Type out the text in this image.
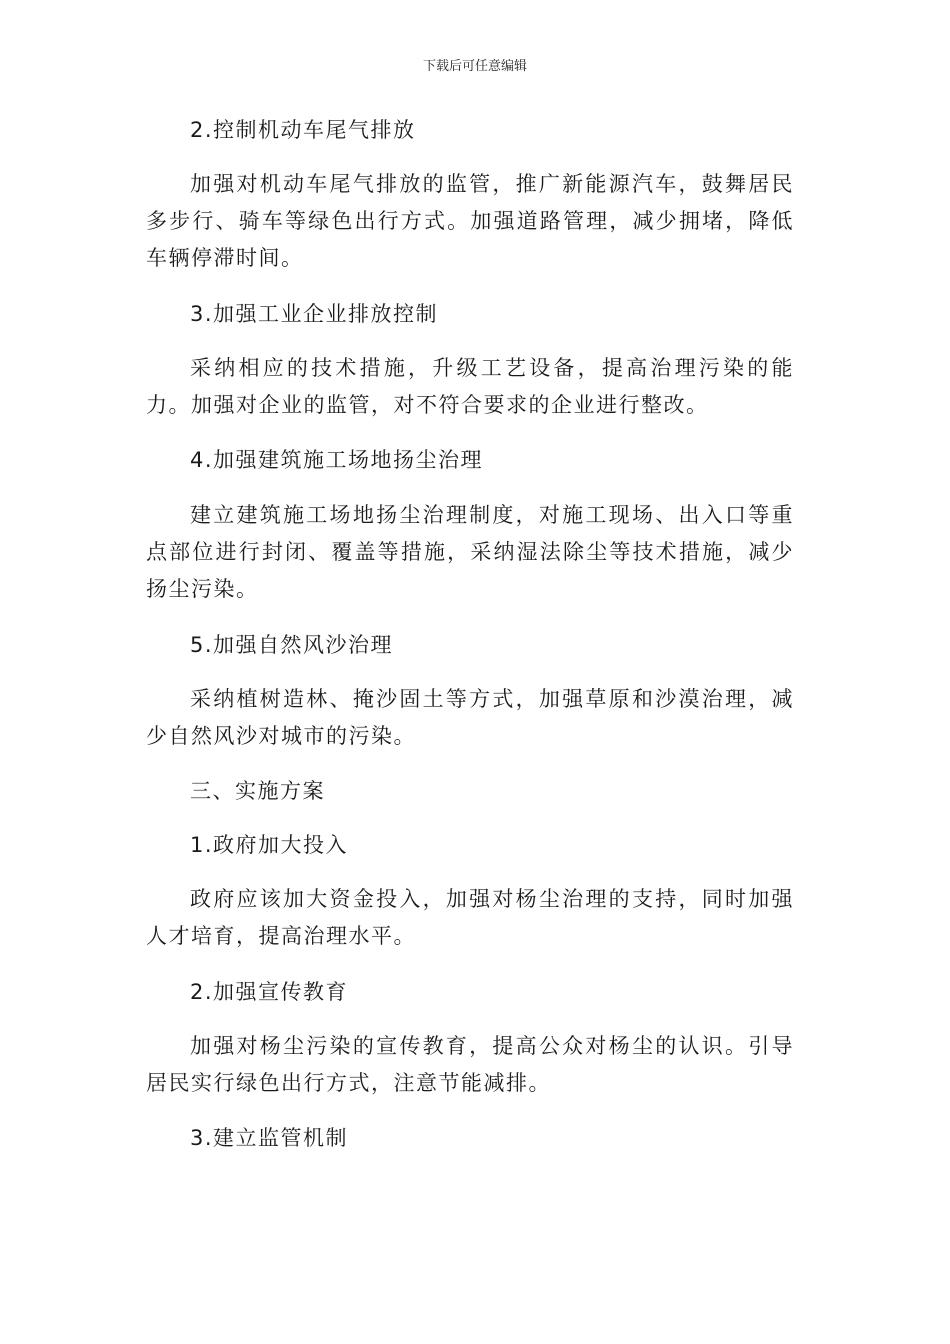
下载后可任意编辑
2.控制机动车尾气排放
加强对机动车尾气排放的监管，推广新能源汽车，鼓舞居民多步行、骑车等绿色出行方式。加强道路管理，减少拥堵，降低车辆停滞时间。
3.加强工业企业排放控制
采纳相应的技术措施，升级工艺设备，提高治理污染的能力。加强对企业的监管，对不符合要求的企业进行整改。
4.加强建筑施工场地扬尘治理
建立建筑施工场地扬尘治理制度，对施工现场、出入口等重点部位进行封闭、覆盖等措施，采纳湿法除尘等技术措施，减少扬尘污染。
5.加强自然风沙治理
采纳植树造林、掩沙固土等方式，加强草原和沙漠治理，减少自然风沙对城市的污染。
三、实施方案
1.政府加大投入
政府应该加大资金投入，加强对杨尘治理的支持，同时加强人才培育，提高治理水平。
2.加强宣传教育
加强对杨尘污染的宣传教育，提高公众对杨尘的认识。引导居民实行绿色出行方式，注意节能减排。
3.建立监管机制
